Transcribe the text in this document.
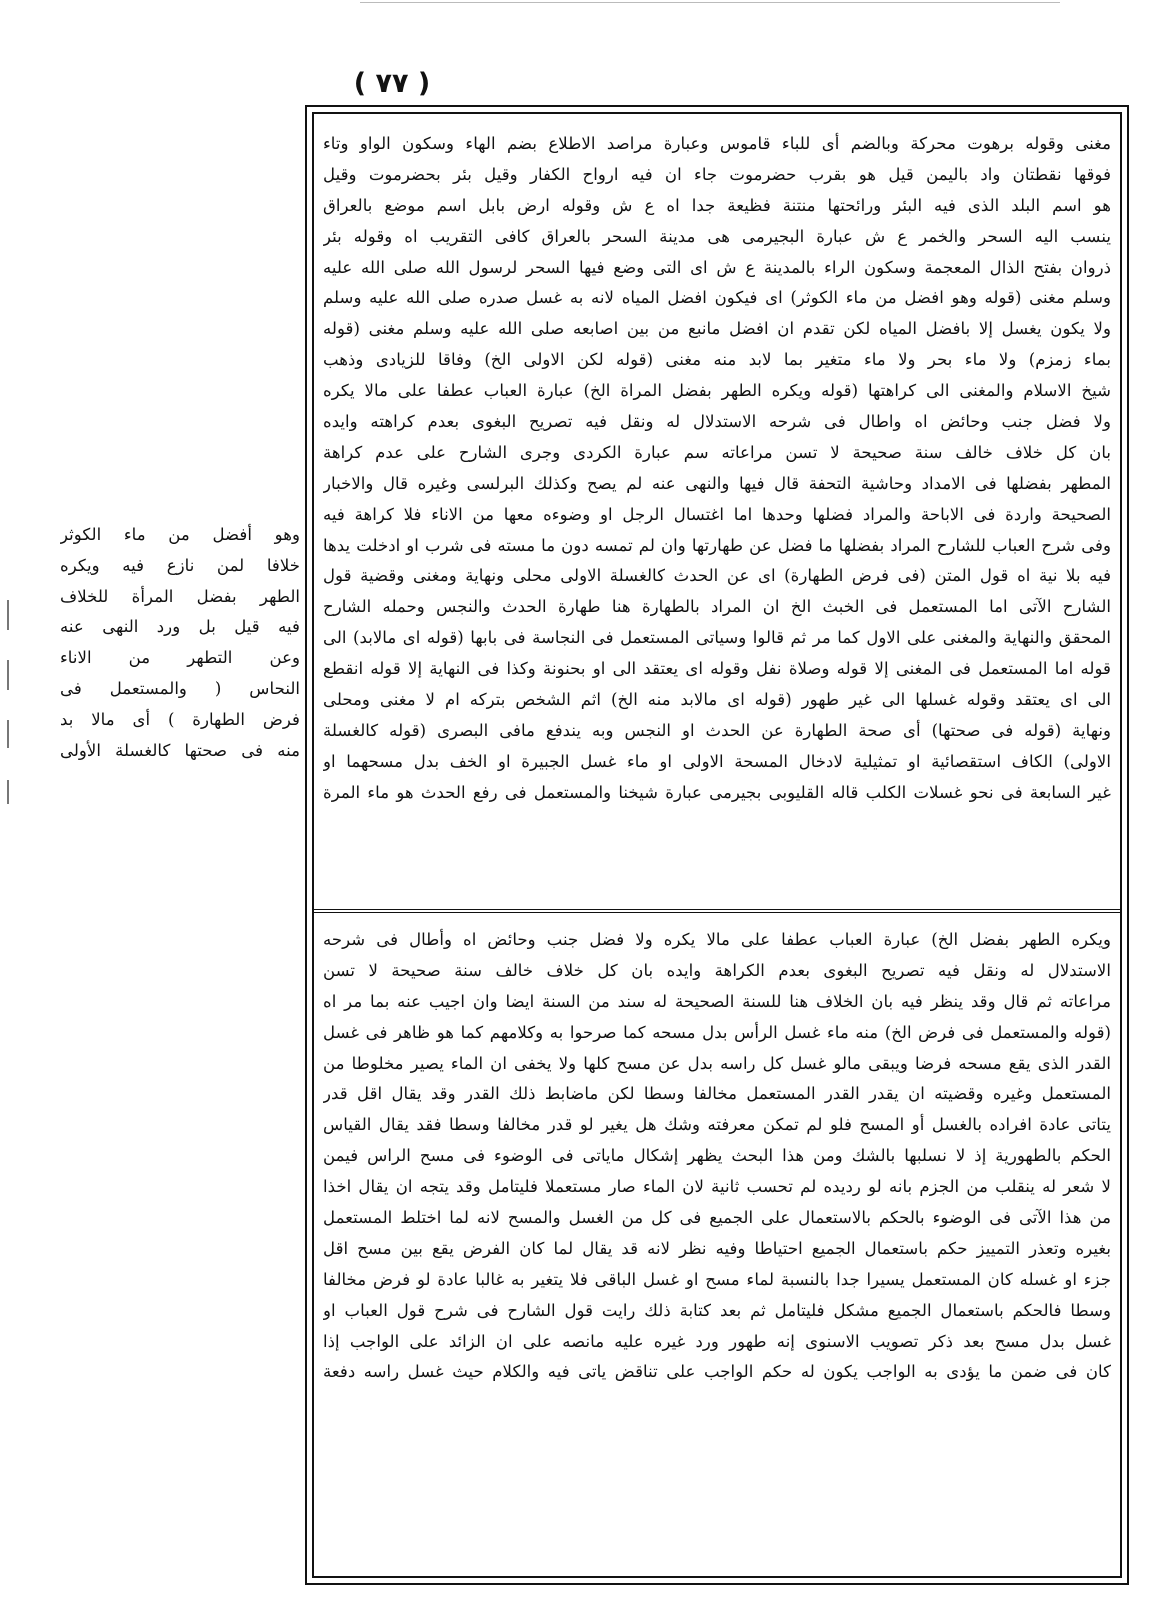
( ٧٧ )
وهو أفضل من ماء الكوثر
خلافا لمن نازع فيه ويكره
الطهر بفضل المرأة للخلاف
فيه قيل بل ورد النهى عنه
وعن التطهر من الاناء
النحاس ( والمستعمل فى
فرض الطهارة ) أى مالا بد
منه فى صحتها كالغسلة الأولى
مغنى وقوله برهوت محركة وبالضم أى للباء قاموس وعبارة مراصد الاطلاع بضم الهاء وسكون الواو وتاء
فوقها نقطتان واد باليمن قيل هو بقرب حضرموت جاء ان فيه ارواح الكفار وقيل بئر بحضرموت وقيل
هو اسم البلد الذى فيه البئر ورائحتها منتنة فظيعة جدا اه ع ش وقوله ارض بابل اسم موضع بالعراق
ينسب اليه السحر والخمر ع ش عبارة البجيرمى هى مدينة السحر بالعراق كافى التقريب اه وقوله بئر
ذروان بفتح الذال المعجمة وسكون الراء بالمدينة ع ش اى التى وضع فيها السحر لرسول الله صلى الله عليه
وسلم مغنى (قوله وهو افضل من ماء الكوثر) اى فيكون افضل المياه لانه به غسل صدره صلى الله عليه وسلم
ولا يكون يغسل إلا بافضل المياه لكن تقدم ان افضل مانبع من بين اصابعه صلى الله عليه وسلم مغنى (قوله
بماء زمزم) ولا ماء بحر ولا ماء متغير بما لابد منه مغنى (قوله لكن الاولى الخ) وفاقا للزيادى وذهب
شيخ الاسلام والمغنى الى كراهتها (قوله ويكره الطهر بفضل المراة الخ) عبارة العباب عطفا على مالا يكره
ولا فضل جنب وحائض اه واطال فى شرحه الاستدلال له ونقل فيه تصريح البغوى بعدم كراهته وايده
بان كل خلاف خالف سنة صحيحة لا تسن مراعاته سم عبارة الكردى وجرى الشارح على عدم كراهة
المطهر بفضلها فى الامداد وحاشية التحفة قال فيها والنهى عنه لم يصح وكذلك البرلسى وغيره قال والاخبار
الصحيحة واردة فى الاباحة والمراد فضلها وحدها اما اغتسال الرجل او وضوءه معها من الاناء فلا كراهة فيه
وفى شرح العباب للشارح المراد بفضلها ما فضل عن طهارتها وان لم تمسه دون ما مسته فى شرب او ادخلت يدها
فيه بلا نية اه قول المتن (فى فرض الطهارة) اى عن الحدث كالغسلة الاولى محلى ونهاية ومغنى وقضية قول
الشارح الآتى اما المستعمل فى الخبث الخ ان المراد بالطهارة هنا طهارة الحدث والنجس وحمله الشارح
المحقق والنهاية والمغنى على الاول كما مر ثم قالوا وسياتى المستعمل فى النجاسة فى بابها (قوله اى مالابد) الى
قوله اما المستعمل فى المغنى إلا قوله وصلاة نفل وقوله اى يعتقد الى او بحنونة وكذا فى النهاية إلا قوله انقطع
الى اى يعتقد وقوله غسلها الى غير طهور (قوله اى مالابد منه الخ) اثم الشخص بتركه ام لا مغنى ومحلى
ونهاية (قوله فى صحتها) أى صحة الطهارة عن الحدث او النجس وبه يندفع مافى البصرى (قوله كالغسلة
الاولى) الكاف استقصائية او تمثيلية لادخال المسحة الاولى او ماء غسل الجبيرة او الخف بدل مسحهما او
غير السابعة فى نحو غسلات الكلب قاله القليوبى بجيرمى عبارة شيخنا والمستعمل فى رفع الحدث هو ماء المرة
ويكره الطهر بفضل الخ) عبارة العباب عطفا على مالا يكره ولا فضل جنب وحائض اه وأطال فى شرحه
الاستدلال له ونقل فيه تصريح البغوى بعدم الكراهة وايده بان كل خلاف خالف سنة صحيحة لا تسن
مراعاته ثم قال وقد ينظر فيه بان الخلاف هنا للسنة الصحيحة له سند من السنة ايضا وان اجيب عنه بما مر اه
(قوله والمستعمل فى فرض الخ) منه ماء غسل الرأس بدل مسحه كما صرحوا به وكلامهم كما هو ظاهر فى غسل
القدر الذى يقع مسحه فرضا ويبقى مالو غسل كل راسه بدل عن مسح كلها ولا يخفى ان الماء يصير مخلوطا من
المستعمل وغيره وقضيته ان يقدر القدر المستعمل مخالفا وسطا لكن ماضابط ذلك القدر وقد يقال اقل قدر
يتاتى عادة افراده بالغسل أو المسح فلو لم تمكن معرفته وشك هل يغير لو قدر مخالفا وسطا فقد يقال القياس
الحكم بالطهورية إذ لا نسلبها بالشك ومن هذا البحث يظهر إشكال ماياتى فى الوضوء فى مسح الراس فيمن
لا شعر له ينقلب من الجزم بانه لو رديده لم تحسب ثانية لان الماء صار مستعملا فليتامل وقد يتجه ان يقال اخذا
من هذا الآتى فى الوضوء بالحكم بالاستعمال على الجميع فى كل من الغسل والمسح لانه لما اختلط المستعمل
بغيره وتعذر التمييز حكم باستعمال الجميع احتياطا وفيه نظر لانه قد يقال لما كان الفرض يقع بين مسح اقل
جزء او غسله كان المستعمل يسيرا جدا بالنسبة لماء مسح او غسل الباقى فلا يتغير به غالبا عادة لو فرض مخالفا
وسطا فالحكم باستعمال الجميع مشكل فليتامل ثم بعد كتابة ذلك رايت قول الشارح فى شرح قول العباب او
غسل بدل مسح بعد ذكر تصويب الاسنوى إنه طهور ورد غيره عليه مانصه على ان الزائد على الواجب إذا
كان فى ضمن ما يؤدى به الواجب يكون له حكم الواجب على تناقض ياتى فيه والكلام حيث غسل راسه دفعة
